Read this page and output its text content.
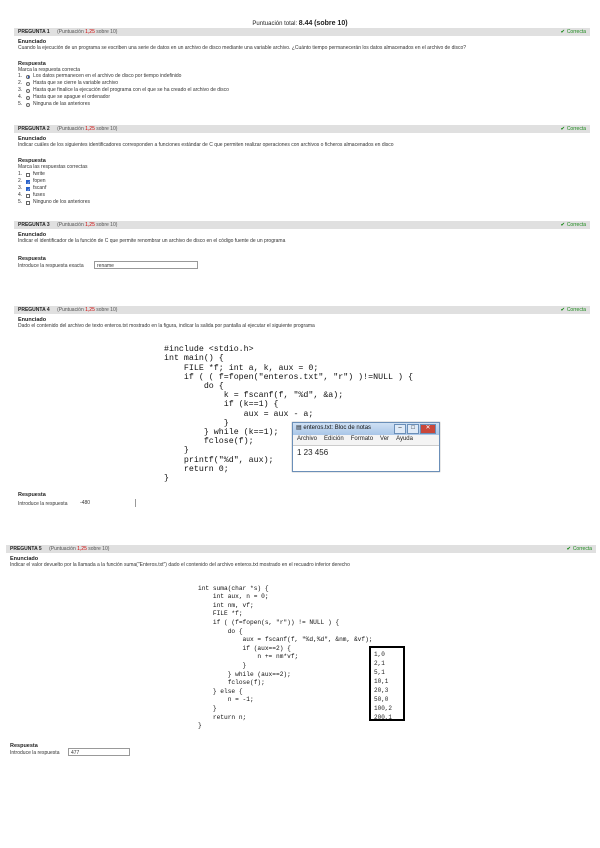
Puntuación total: 8.44 (sobre 10)
PREGUNTA 1 (Puntuación 1,25 sobre 10)	✔ Correcta
Enunciado
Cuando la ejecución de un programa se escriben una serie de datos en un archivo de disco mediante una variable archivo. ¿Cuánto tiempo permanecerán los datos almacenados en el archivo de disco?
Respuesta
Marca la respuesta correcta
1.	Los datos permanecen en el archivo de disco por tiempo indefinido
2.	Hasta que se cierre la variable archivo
3.	Hasta que finalice la ejecución del programa con el que se ha creado el archivo de disco
4.	Hasta que se apague el ordenador
5.	Ninguna de las anteriores
PREGUNTA 2 (Puntuación 1,25 sobre 10)	✔ Correcta
Enunciado
Indicar cuáles de los siguientes identificadores corresponden a funciones estándar de C que permiten realizar operaciones con archivos o ficheros almacenados en disco
Respuesta
Marca las respuestas correctas
1.	fwrite
2.	✓ fopen
3.	✓ fscanf
4.	fuses
5.	Ninguno de los anteriores
PREGUNTA 3 (Puntuación 1,25 sobre 10)	✔ Correcta
Enunciado
Indicar el identificador de la función de C que permite renombrar un archivo de disco en el código fuente de un programa
Respuesta
Introduce la respuesta exacta	rename
PREGUNTA 4 (Puntuación 1,25 sobre 10)	✔ Correcta
Enunciado
Dado el contenido del archivo de texto enteros.txt mostrado en la figura, indicar la salida por pantalla al ejecutar el siguiente programa

#include <stdio.h>
int main() {
FILE *f; int a, k, aux = 0;
if ( ( f=fopen("enteros.txt", "r") )!=NULL ) {
do {
k = fscanf(f, "%d", &a);
if (k==1) {
aux = aux - a;
}
} while (k==1);
fclose(f);
}
printf("%d", aux);
return 0;
}

▤ enteros.txt: Bloc de notas	–	□	✕
Archivo Edición Formato Ver Ayuda
1 23 456
Respuesta
Introduce la respuesta	-480
PREGUNTA 5 (Puntuación 1,25 sobre 10)	✔ Correcta
Enunciado
Indicar el valor devuelto por la llamada a la función suma("Enteros.txt") dado el contenido del archivo enteros.txt mostrado en el recuadro inferior derecho

int suma(char *s) {
int aux, n = 0;
int nm, vf;
FILE *f;
if ( (f=fopen(s, "r")) != NULL ) {
do {
aux = fscanf(f, "%d,%d", &nm, &vf);
if (aux==2) {
n += nm*vf;
}
} while (aux==2);
fclose(f);
} else {
n = -1;
}
return n;
}

1,0
2,1
5,1
10,1
20,3
50,0
100,2
200,1
Respuesta
Introduce la respuesta	477
